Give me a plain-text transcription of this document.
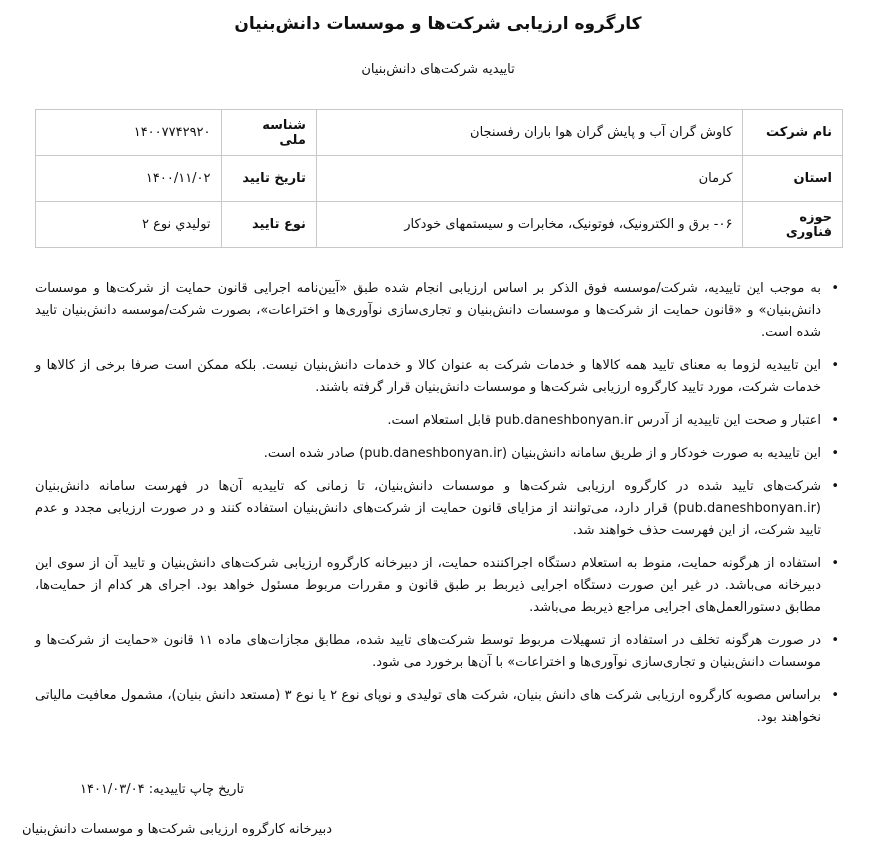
کارگروه ارزیابی شرکت‌ها و موسسات دانش‌بنیان
تاییدیه شرکت‌های دانش‌بنیان
نام شرکت	کاوش گران آب و پایش گران هوا باران رفسنجان	شناسه ملی	۱۴۰۰۷۷۴۲۹۲۰
استان	کرمان	تاریخ تایید	۱۴۰۰/۱۱/۰۲
حوزه فناوری	۰۶- برق و الکترونیک، فوتونیک، مخابرات و سیستمهای خودکار	نوع تایید	توليدي نوع ۲
• به موجب این تاییدیه، شرکت/موسسه فوق الذکر بر اساس ارزیابی انجام شده طبق «آیین‌نامه اجرایی قانون حمایت از شرکت‌ها و موسسات دانش‌بنیان» و «قانون حمایت از شرکت‌ها و موسسات دانش‌بنیان و تجاری‌سازی نوآوری‌ها و اختراعات»، بصورت شرکت/موسسه دانش‌بنیان تایید شده است.
• این تاییدیه لزوما به معنای تایید همه کالاها و خدمات شرکت به عنوان کالا و خدمات دانش‌بنیان نیست. بلکه ممکن است صرفا برخی از کالاها و خدمات شرکت، مورد تایید کارگروه ارزیابی شرکت‌ها و موسسات دانش‌بنیان قرار گرفته باشند.
• اعتبار و صحت این تاییدیه از آدرس pub.daneshbonyan.ir قابل استعلام است.
• این تاییدیه به صورت خودکار و از طریق سامانه دانش‌بنیان (pub.daneshbonyan.ir) صادر شده است.
• شرکت‌های تایید شده در کارگروه ارزیابی شرکت‌ها و موسسات دانش‌بنیان، تا زمانی که تاییدیه آن‌ها در فهرست سامانه دانش‌بنیان (pub.daneshbonyan.ir) قرار دارد، می‌توانند از مزایای قانون حمایت از شرکت‌های دانش‌بنیان استفاده کنند و در صورت ارزیابی مجدد و عدم تایید شرکت، از این فهرست حذف خواهند شد.
• استفاده از هرگونه حمایت، منوط به استعلام دستگاه اجراکننده حمایت، از دبیرخانه کارگروه ارزیابی شرکت‌های دانش‌بنیان و تایید آن از سوی این دبیرخانه می‌باشد. در غیر این صورت دستگاه اجرایی ذیربط بر طبق قانون و مقررات مربوط مسئول خواهد بود. اجرای هر کدام از حمایت‌ها، مطابق دستورالعمل‌های اجرایی مراجع ذیربط می‌باشد.
• در صورت هرگونه تخلف در استفاده از تسهیلات مربوط توسط شرکت‌های تایید شده، مطابق مجازات‌های ماده ۱۱ قانون «حمایت از شرکت‌ها و موسسات دانش‌بنیان و تجاری‌سازی نوآوری‌ها و اختراعات» با آن‌ها برخورد می شود.
• براساس مصوبه کارگروه ارزیابی شرکت های دانش بنیان، شرکت های تولیدی و نوپای نوع ۲ یا نوع ۳ (مستعد دانش بنیان)، مشمول معافیت مالیاتی نخواهند بود.
تاریخ چاپ تاییدیه: ۱۴۰۱/۰۳/۰۴
دبیرخانه کارگروه ارزیابی شرکت‌ها و موسسات دانش‌بنیان
